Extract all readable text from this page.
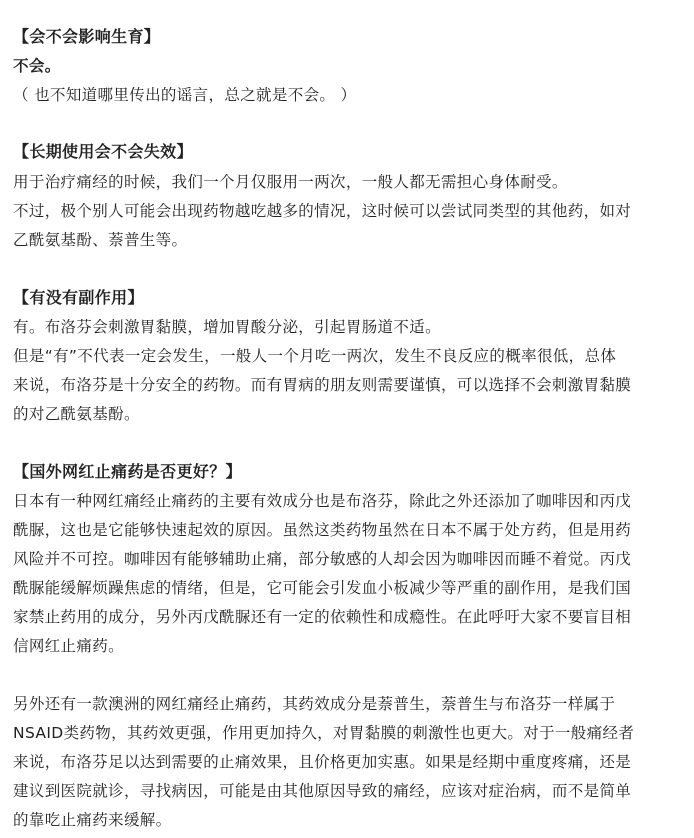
【会不会影响生育】
不会。
（ 也不知道哪里传出的谣言，总之就是不会。 ）
【长期使用会不会失效】
用于治疗痛经的时候，我们一个月仅服用一两次，一般人都无需担心身体耐受。
不过，极个别人可能会出现药物越吃越多的情况，这时候可以尝试同类型的其他药，如对
乙酰氨基酚、萘普生等。
【有没有副作用】
有。布洛芬会刺激胃黏膜，增加胃酸分泌，引起胃肠道不适。
但是“有”不代表一定会发生，一般人一个月吃一两次，发生不良反应的概率很低，总体
来说，布洛芬是十分安全的药物。而有胃病的朋友则需要谨慎，可以选择不会刺激胃黏膜
的对乙酰氨基酚。
【国外网红止痛药是否更好？】
日本有一种网红痛经止痛药的主要有效成分也是布洛芬，除此之外还添加了咖啡因和丙戊
酰脲，这也是它能够快速起效的原因。虽然这类药物虽然在日本不属于处方药，但是用药
风险并不可控。咖啡因有能够辅助止痛，部分敏感的人却会因为咖啡因而睡不着觉。丙戊
酰脲能缓解烦躁焦虑的情绪，但是，它可能会引发血小板减少等严重的副作用，是我们国
家禁止药用的成分，另外丙戊酰脲还有一定的依赖性和成瘾性。在此呼吁大家不要盲目相
信网红止痛药。
另外还有一款澳洲的网红痛经止痛药，其药效成分是萘普生，萘普生与布洛芬一样属于
NSAID类药物，其药效更强，作用更加持久，对胃黏膜的刺激性也更大。对于一般痛经者
来说，布洛芬足以达到需要的止痛效果，且价格更加实惠。如果是经期中重度疼痛，还是
建议到医院就诊，寻找病因，可能是由其他原因导致的痛经，应该对症治病，而不是简单
的靠吃止痛药来缓解。
